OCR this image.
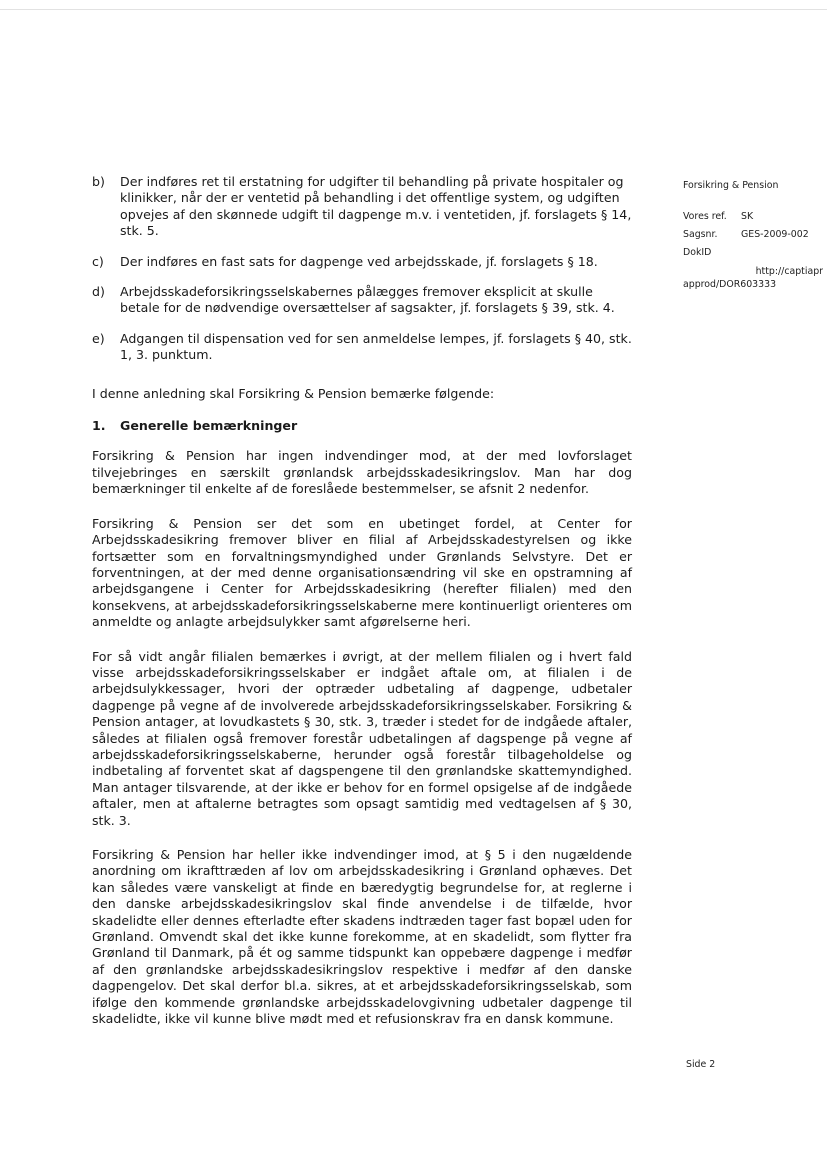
b)	Der indføres ret til erstatning for udgifter til behandling på private hospitaler og klinikker, når der er ventetid på behandling i det offentlige system, og udgiften opvejes af den skønnede udgift til dagpenge m.v. i ventetiden, jf. forslagets § 14, stk. 5.
c)	Der indføres en fast sats for dagpenge ved arbejdsskade, jf. forslagets § 18.
d)	Arbejdsskadeforsikringsselskabernes pålægges fremover eksplicit at skulle betale for de nødvendige oversættelser af sagsakter, jf. forslagets § 39, stk. 4.
e)	Adgangen til dispensation ved for sen anmeldelse lempes, jf. forslagets § 40, stk. 1, 3. punktum.

I denne anledning skal Forsikring & Pension bemærke følgende:

1.	Generelle bemærkninger

Forsikring & Pension har ingen indvendinger mod, at der med lovforslaget tilvejebringes en særskilt grønlandsk arbejdsskadesikringslov. Man har dog bemærkninger til enkelte af de foreslåede bestemmelser, se afsnit 2 nedenfor.

Forsikring & Pension ser det som en ubetinget fordel, at Center for Arbejdsskadesikring fremover bliver en filial af Arbejdsskadestyrelsen og ikke fortsætter som en forvaltningsmyndighed under Grønlands Selvstyre. Det er forventningen, at der med denne organisationsændring vil ske en opstramning af arbejdsgangene i Center for Arbejdsskadesikring (herefter filialen) med den konsekvens, at arbejdsskadeforsikringsselskaberne mere kontinuerligt orienteres om anmeldte og anlagte arbejdsulykker samt afgørelserne heri.

For så vidt angår filialen bemærkes i øvrigt, at der mellem filialen og i hvert fald visse arbejdsskadeforsikringsselskaber er indgået aftale om, at filialen i de arbejdsulykkessager, hvori der optræder udbetaling af dagpenge, udbetaler dagpenge på vegne af de involverede arbejdsskadeforsikringsselskaber. Forsikring & Pension antager, at lovudkastets § 30, stk. 3, træder i stedet for de indgåede aftaler, således at filialen også fremover forestår udbetalingen af dagspenge på vegne af arbejdsskadeforsikringsselskaberne, herunder også forestår tilbageholdelse og indbetaling af forventet skat af dagspengene til den grønlandske skattemyndighed. Man antager tilsvarende, at der ikke er behov for en formel opsigelse af de indgåede aftaler, men at aftalerne betragtes som opsagt samtidig med vedtagelsen af § 30, stk. 3.

Forsikring & Pension har heller ikke indvendinger imod, at § 5 i den nugældende anordning om ikrafttræden af lov om arbejdsskadesikring i Grønland ophæves. Det kan således være vanskeligt at finde en bæredygtig begrundelse for, at reglerne i den danske arbejdsskadesikringslov skal finde anvendelse i de tilfælde, hvor skadelidte eller dennes efterladte efter skadens indtræden tager fast bopæl uden for Grønland. Omvendt skal det ikke kunne forekomme, at en skadelidt, som flytter fra Grønland til Danmark, på ét og samme tidspunkt kan oppebære dagpenge i medfør af den grønlandske arbejdsskadesikringslov respektive i medfør af den danske dagpengelov. Det skal derfor bl.a. sikres, at et arbejdsskadeforsikringsselskab, som ifølge den kommende grønlandske arbejdsskadelovgivning udbetaler dagpenge til skadelidte, ikke vil kunne blive mødt med et refusionskrav fra en dansk kommune.

Forsikring & Pension
Vores ref.	SK
Sagsnr.	GES-2009-002
DokID
http://captiapr
approd/DOR603333
Side 2
